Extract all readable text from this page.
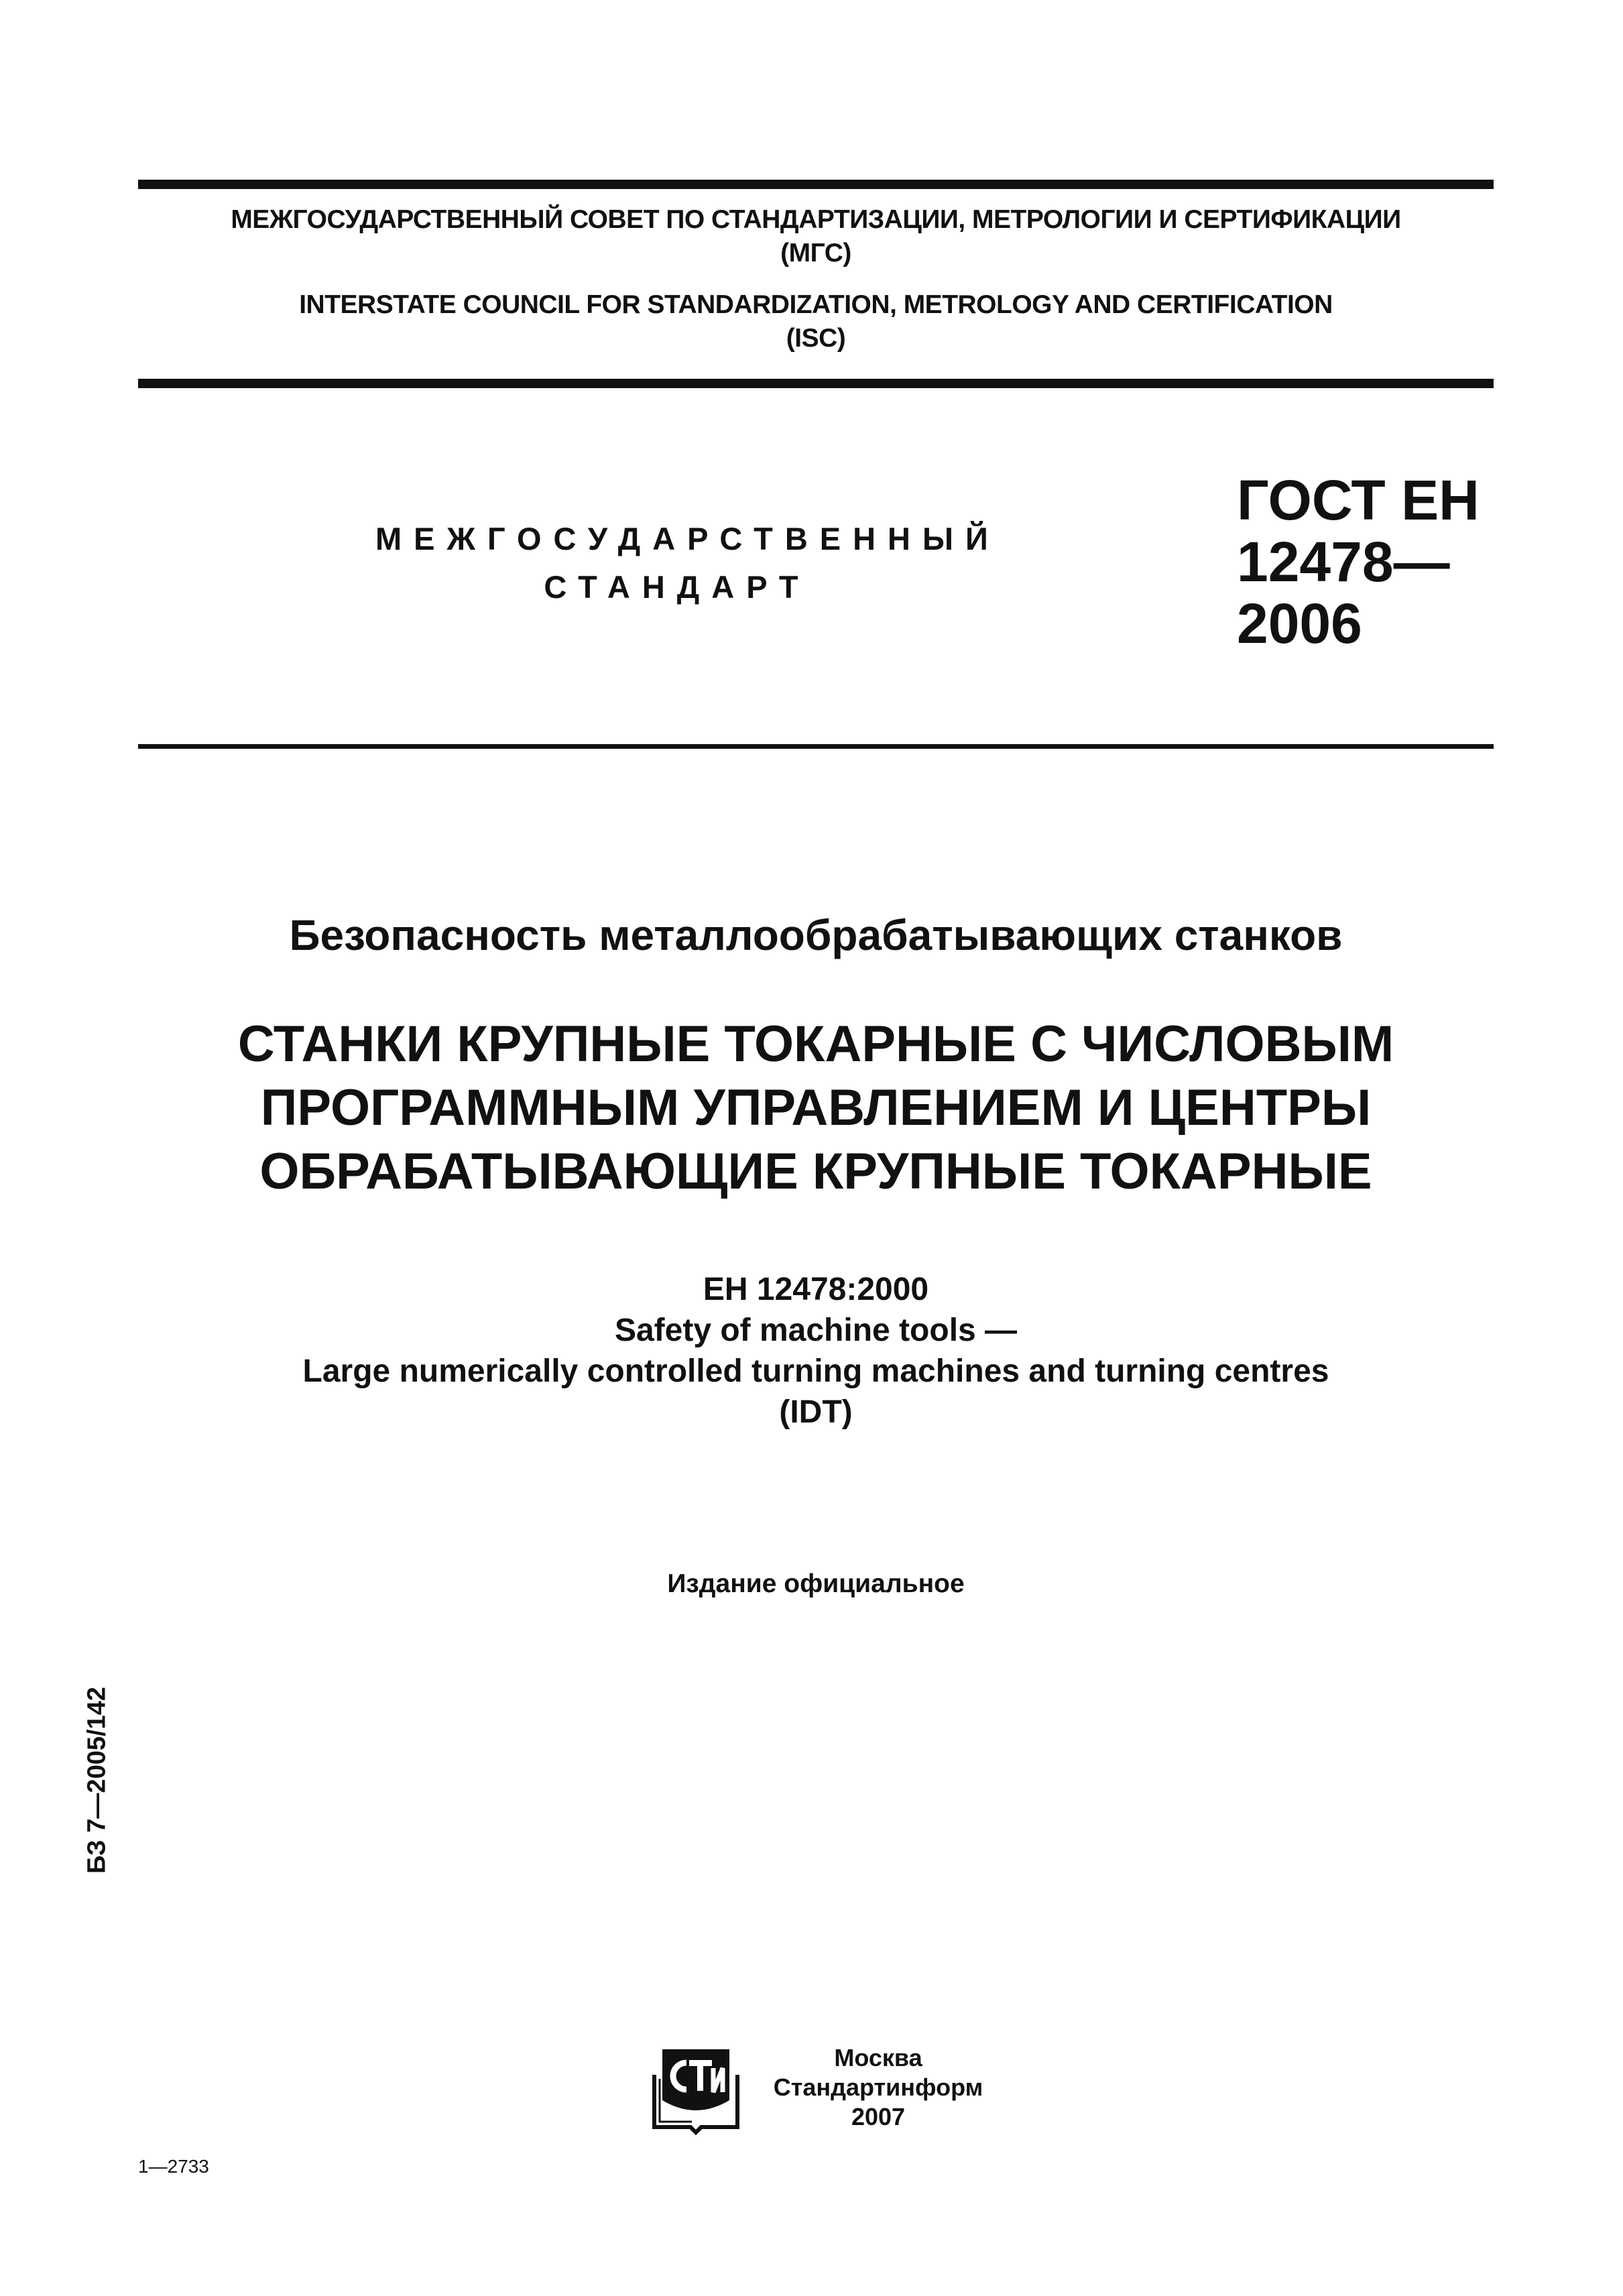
МЕЖГОСУДАРСТВЕННЫЙ СОВЕТ ПО СТАНДАРТИЗАЦИИ, МЕТРОЛОГИИ И СЕРТИФИКАЦИИ
(МГС)
INTERSTATE COUNCIL FOR STANDARDIZATION, METROLOGY AND CERTIFICATION
(ISC)
МЕЖГОСУДАРСТВЕННЫЙ
СТАНДАРТ
ГОСТ ЕН
12478—
2006
Безопасность металлообрабатывающих станков
СТАНКИ КРУПНЫЕ ТОКАРНЫЕ С ЧИСЛОВЫМ
ПРОГРАММНЫМ УПРАВЛЕНИЕМ И ЦЕНТРЫ
ОБРАБАТЫВАЮЩИЕ КРУПНЫЕ ТОКАРНЫЕ
ЕН 12478:2000
Safety of machine tools —
Large numerically controlled turning machines and turning centres
(IDT)
Издание официальное
БЗ 7—2005/142
Москва
Стандартинформ
2007
1—2733
